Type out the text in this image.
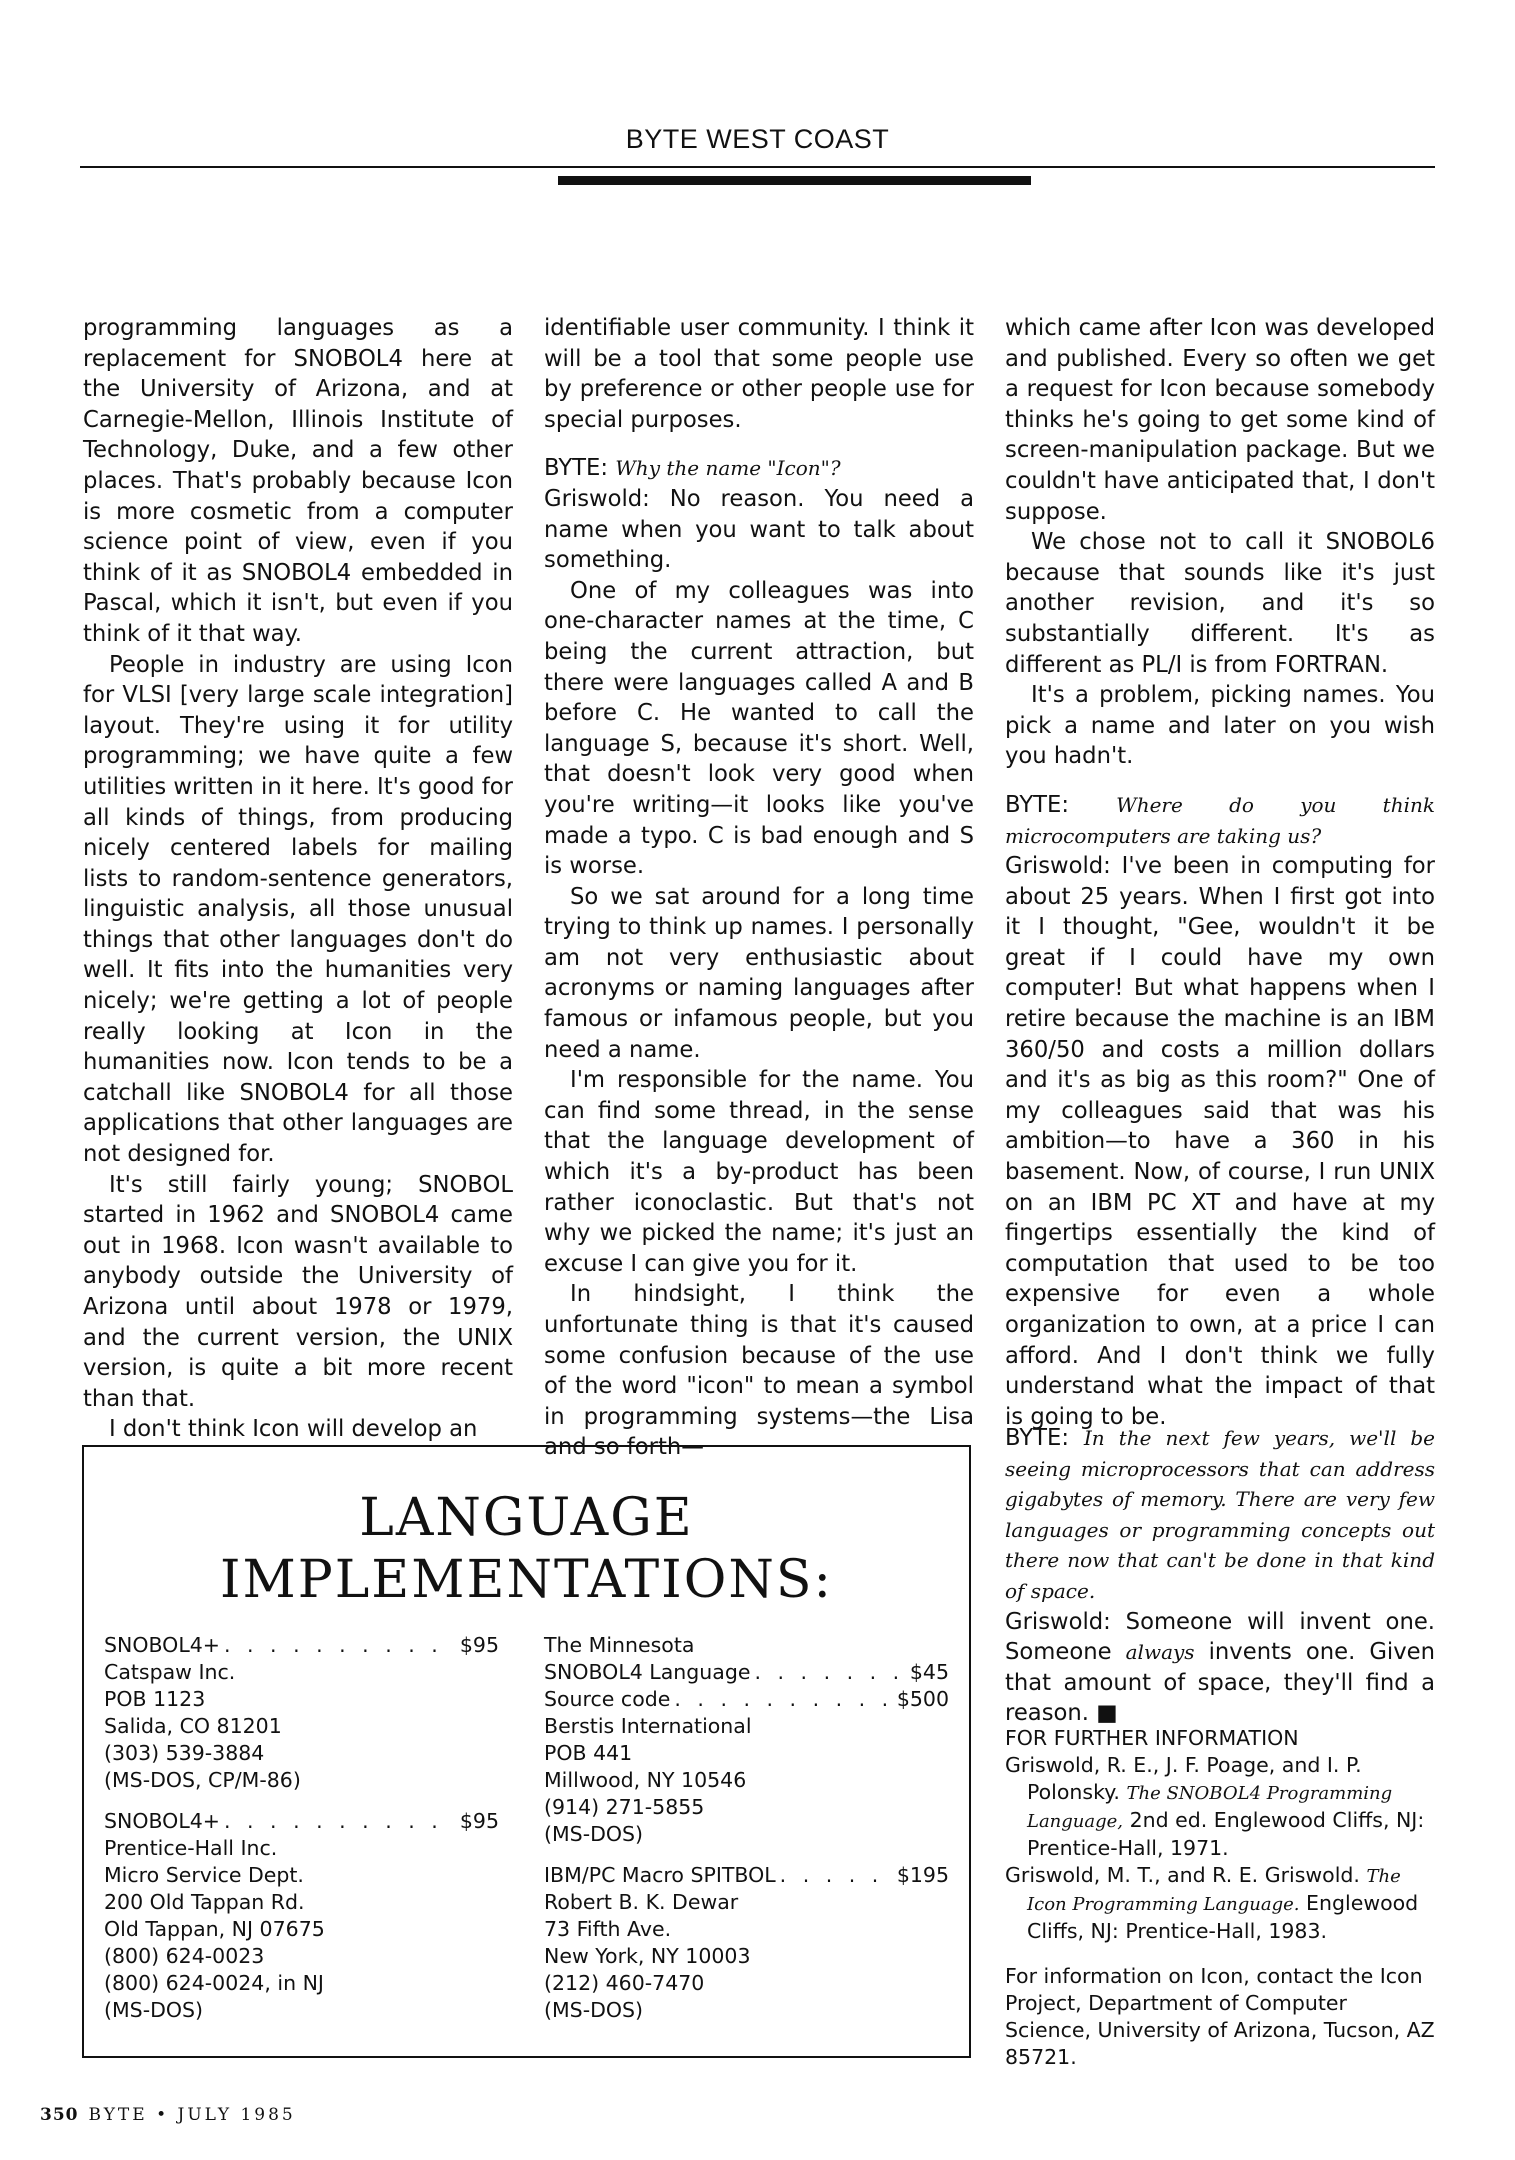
BYTE WEST COAST

programming languages as a replacement for SNOBOL4 here at the University of Arizona, and at Carnegie-Mellon, Illinois Institute of Technology, Duke, and a few other places. That's probably because Icon is more cosmetic from a computer science point of view, even if you think of it as SNOBOL4 embedded in Pascal, which it isn't, but even if you think of it that way.

People in industry are using Icon for VLSI [very large scale integration] layout. They're using it for utility programming; we have quite a few utilities written in it here. It's good for all kinds of things, from producing nicely centered labels for mailing lists to random-sentence generators, linguistic analysis, all those unusual things that other languages don't do well. It fits into the humanities very nicely; we're getting a lot of people really looking at Icon in the humanities now. Icon tends to be a catchall like SNOBOL4 for all those applications that other languages are not designed for.

It's still fairly young; SNOBOL started in 1962 and SNOBOL4 came out in 1968. Icon wasn't available to anybody outside the University of Arizona until about 1978 or 1979, and the current version, the UNIX version, is quite a bit more recent than that.

I don't think Icon will develop an

identifiable user community. I think it will be a tool that some people use by preference or other people use for special purposes.

BYTE: Why the name "Icon"?

Griswold: No reason. You need a name when you want to talk about something.

One of my colleagues was into one-character names at the time, C being the current attraction, but there were languages called A and B before C. He wanted to call the language S, because it's short. Well, that doesn't look very good when you're writing—it looks like you've made a typo. C is bad enough and S is worse.

So we sat around for a long time trying to think up names. I personally am not very enthusiastic about acronyms or naming languages after famous or infamous people, but you need a name.

I'm responsible for the name. You can find some thread, in the sense that the language development of which it's a by-product has been rather iconoclastic. But that's not why we picked the name; it's just an excuse I can give you for it.

In hindsight, I think the unfortunate thing is that it's caused some confusion because of the use of the word "icon" to mean a symbol in programming systems—the Lisa and so forth—

which came after Icon was developed and published. Every so often we get a request for Icon because somebody thinks he's going to get some kind of screen-manipulation package. But we couldn't have anticipated that, I don't suppose.

We chose not to call it SNOBOL6 because that sounds like it's just another revision, and it's so substantially different. It's as different as PL/I is from FORTRAN.

It's a problem, picking names. You pick a name and later on you wish you hadn't.

BYTE: Where do you think microcomputers are taking us?

Griswold: I've been in computing for about 25 years. When I first got into it I thought, "Gee, wouldn't it be great if I could have my own computer! But what happens when I retire because the machine is an IBM 360/50 and costs a million dollars and it's as big as this room?" One of my colleagues said that was his ambition—to have a 360 in his basement. Now, of course, I run UNIX on an IBM PC XT and have at my fingertips essentially the kind of computation that used to be too expensive for even a whole organization to own, at a price I can afford. And I don't think we fully understand what the impact of that is going to be.

BYTE: In the next few years, we'll be seeing microprocessors that can address gigabytes of memory. There are very few languages or programming concepts out there now that can't be done in that kind of space.

Griswold: Someone will invent one. Someone always invents one. Given that amount of space, they'll find a reason. ■

LANGUAGE
IMPLEMENTATIONS:
SNOBOL4+ . . .	$95
Catspaw Inc.
POB 1123
Salida, CO 81201
(303) 539-3884
(MS-DOS, CP/M-86)
SNOBOL4+ . . .	$95
Prentice-Hall Inc.
Micro Service Dept.
200 Old Tappan Rd.
Old Tappan, NJ 07675
(800) 624-0023
(800) 624-0024, in NJ
(MS-DOS)
The Minnesota
SNOBOL4 Language . . .	$45
Source code . . .	$500
Berstis International
POB 441
Millwood, NY 10546
(914) 271-5855
(MS-DOS)
IBM/PC Macro SPITBOL . . .	$195
Robert B. K. Dewar
73 Fifth Ave.
New York, NY 10003
(212) 460-7470
(MS-DOS)
FOR FURTHER INFORMATION

Griswold, R. E., J. F. Poage, and I. P. Polonsky. The SNOBOL4 Programming Language, 2nd ed. Englewood Cliffs, NJ: Prentice-Hall, 1971.

Griswold, M. T., and R. E. Griswold. The Icon Programming Language. Englewood Cliffs, NJ: Prentice-Hall, 1983.

For information on Icon, contact the Icon Project, Department of Computer Science, University of Arizona, Tucson, AZ 85721.
350 BYTE • JULY 1985
